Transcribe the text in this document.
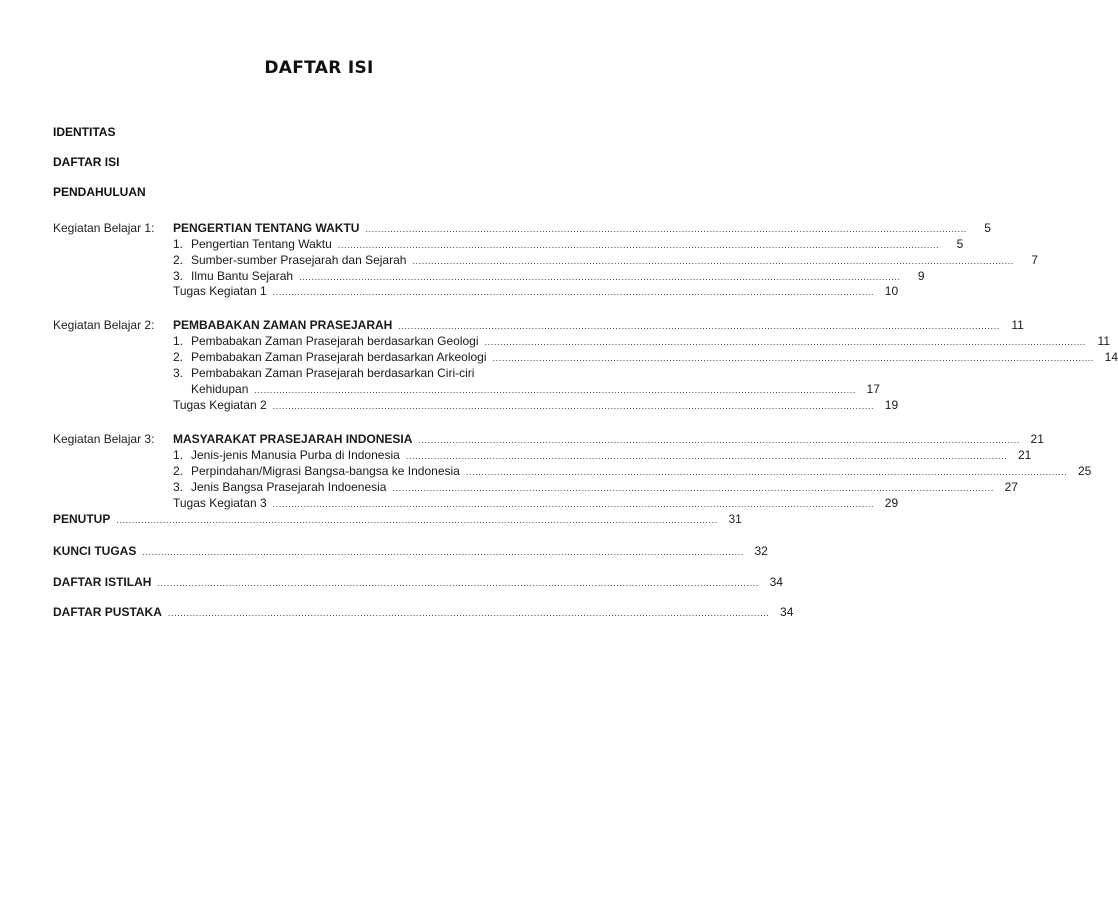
DAFTAR ISI
IDENTITAS
DAFTAR ISI
PENDAHULUAN
Kegiatan Belajar 1:	PENGERTIAN TENTANG WAKTU ..................................................................................................................................................................................................	5
1. Pengertian Tentang Waktu ..................................................................................................................................................................................................	5
2. Sumber-sumber Prasejarah dan Sejarah ..................................................................................................................................................................................................	7
3. Ilmu Bantu Sejarah ..................................................................................................................................................................................................	9
Tugas Kegiatan 1 .................................................................................................................................................................................................. 10
Kegiatan Belajar 2:	PEMBABAKAN ZAMAN PRASEJARAH .................................................................................................................................................................................................. 11
1. Pembabakan Zaman Prasejarah berdasarkan Geologi .................................................................................................................................................................................................. 11
2. Pembabakan Zaman Prasejarah berdasarkan Arkeologi .................................................................................................................................................................................................. 14
3. Pembabakan Zaman Prasejarah berdasarkan Ciri-ciri
Kehidupan .................................................................................................................................................................................................. 17
Tugas Kegiatan 2 .................................................................................................................................................................................................. 19
Kegiatan Belajar 3:	MASYARAKAT PRASEJARAH INDONESIA .................................................................................................................................................................................................. 21
1. Jenis-jenis Manusia Purba di Indonesia .................................................................................................................................................................................................. 21
2. Perpindahan/Migrasi Bangsa-bangsa ke Indonesia .................................................................................................................................................................................................. 25
3. Jenis Bangsa Prasejarah Indoenesia .................................................................................................................................................................................................. 27
Tugas Kegiatan 3 .................................................................................................................................................................................................. 29
PENUTUP .................................................................................................................................................................................................. 31
KUNCI TUGAS .................................................................................................................................................................................................. 32
DAFTAR ISTILAH .................................................................................................................................................................................................. 34
DAFTAR PUSTAKA .................................................................................................................................................................................................. 34
